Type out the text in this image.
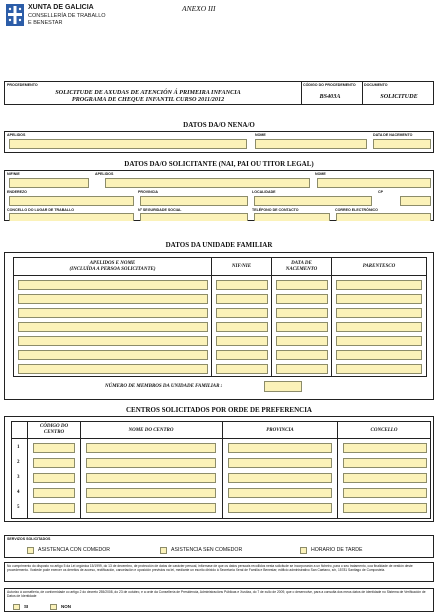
XUNTA DE GALICIA
CONSELLERÍA DE TRABALLO
E BENESTAR
ANEXO III
PROCEDEMENTO
SOLICITUDE DE AXUDAS DE ATENCIÓN Á PRIMEIRA INFANCIA
PROGRAMA DE CHEQUE INFANTIL CURSO 2011/2012
CÓDIGO DO PROCEDEMENTO
BS403A
DOCUMENTO
SOLICITUDE
DATOS DA/O NENA/O
APELIDOS	NOME	DATA DE NACEMENTO
DATOS DA/O SOLICITANTE (NAI, PAI OU TITOR LEGAL)
NIF/NIE	APELIDOS	NOME
ENDEREZO	PROVINCIA	LOCALIDADE	CP
CONCELLO DO LUGAR DE TRABALLO	Nº SEGURIDADE SOCIAL	TELÉFONO DE CONTACTO	CORREO ELECTRÓNICO
DATOS DA UNIDADE FAMILIAR
APELIDOS E NOME
(INCLUÍDA A PERSOA SOLICITANTE)
NIF/NIE
DATA DE
NACEMENTO
PARENTESCO
NÚMERO DE MEMBROS DA UNIDADE FAMILIAR :
CENTROS SOLICITADOS POR ORDE DE PREFERENCIA
CÓDIGO DO
CENTRO	NOME DO CENTRO	PROVINCIA	CONCELLO
1
2
3
4
5
SERVIZOS SOLICITADOS
ASISTENCIA CON COMEDOR	ASISTENCIA SEN COMEDOR	HORARIO DE TARDE
No cumprimento do disposto no artigo 5 da Lei orgánica 15/1999, do 13 de decembro, de protección de datos de carácter persoal, infórmase de que os datos persoais recollidos nesta solicitude se incorporarán a un ficheiro, para o seu tratamento, coa finalidade de xestión deste procedemento. Vostede pode exercer os dereitos de acceso, rectificación, cancelación e oposición previstos na lei, mediante un escrito dirixido á Secretaría Xeral de Familia e Benestar; edificio administrativo San Caetano, s/n, 15781 Santiago de Compostela.
Autorizo á consellería, de conformidade co artigo 2 do decreto 255/2008, do 23 de outubro, e a orde da Consellería de Presidencia, Administracións Públicas e Xustiza, do 7 de xullo de 2009, que o desenvolve, para a consulta dos meus datos de identidade no Sistema de Verificación de Datos de Identidade
SI	NON
